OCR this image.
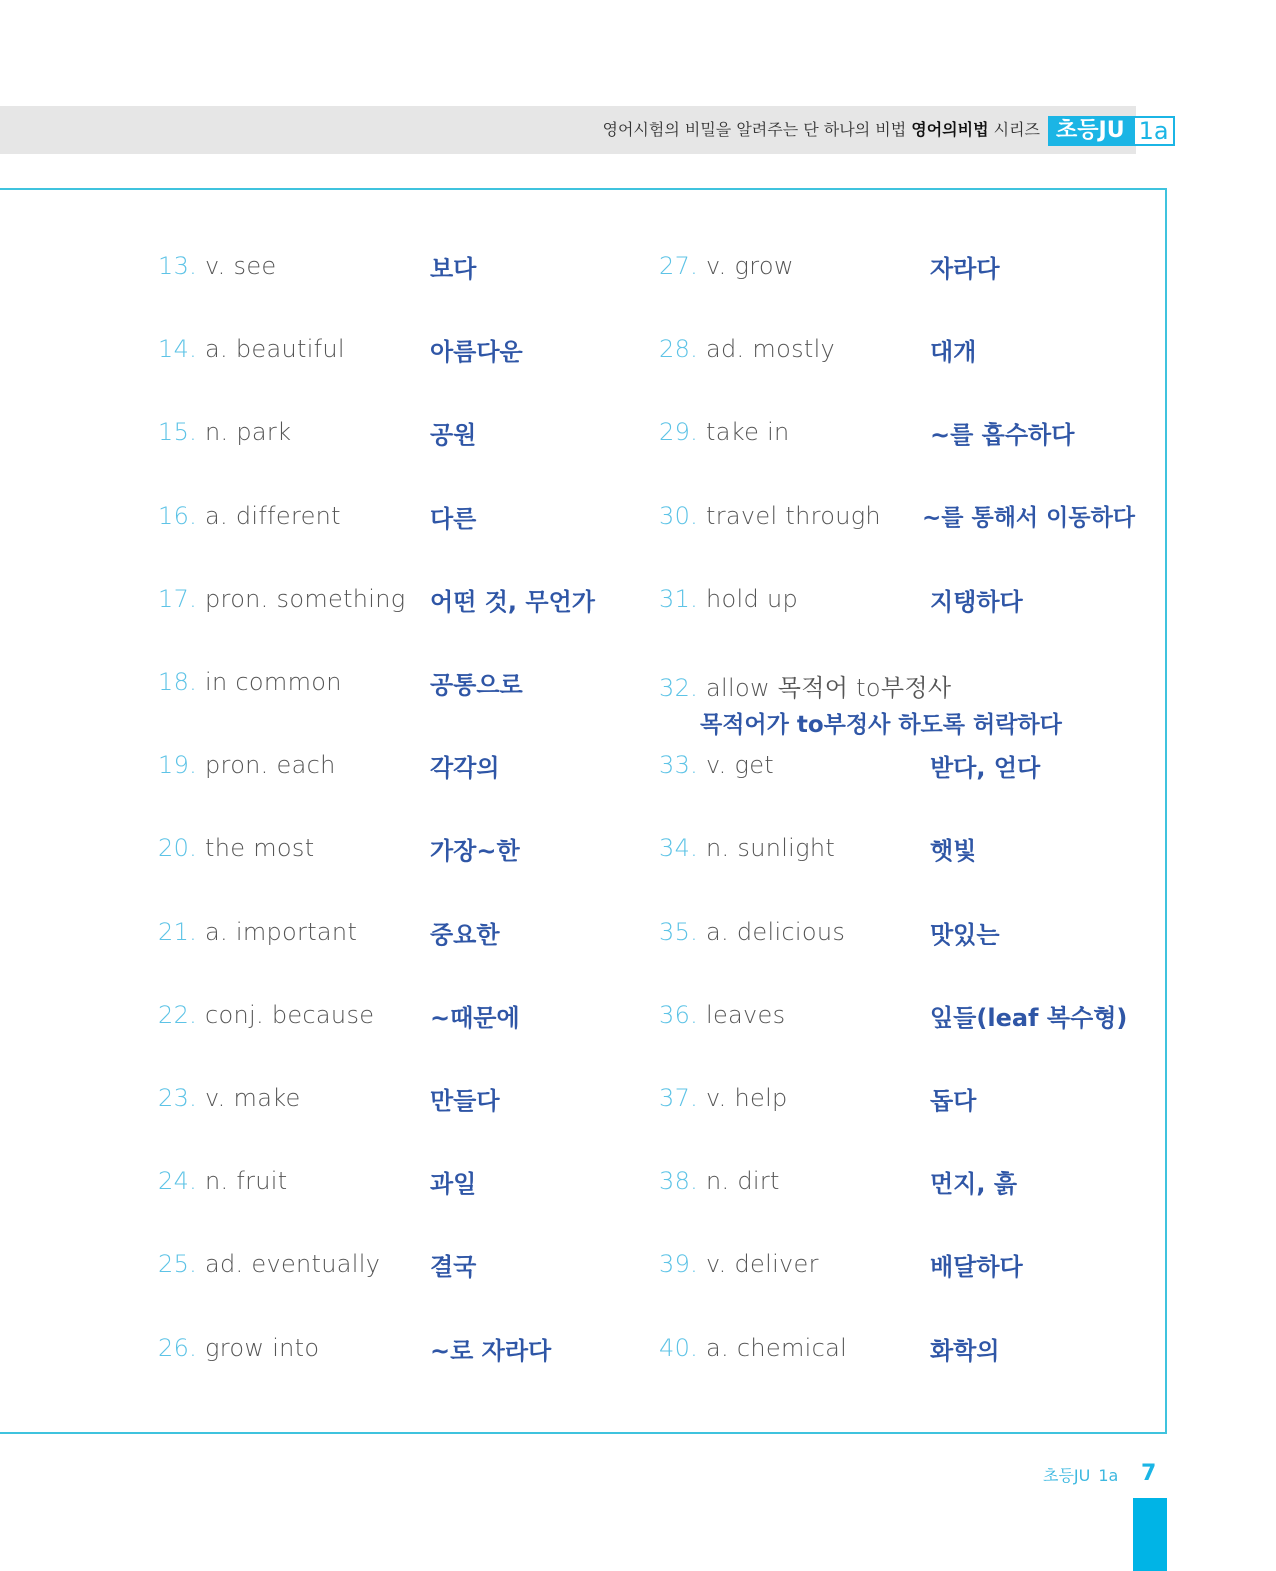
영어시험의 비밀을 알려주는 단 하나의 비법 영어의비법 시리즈 초등JU 1a
13. v. see	보다
14. a. beautiful	아름다운
15. n. park	공원
16. a. different	다른
17. pron. something 어떤 것, 무언가
18. in common	공통으로
19. pron. each	각각의
20. the most	가장~한
21. a. important	중요한
22. conj. because ~때문에
23. v. make	만들다
24. n. fruit	과일
25. ad. eventually 결국
26. grow into	~로 자라다
27. v. grow	자라다
28. ad. mostly	대개
29. take in	~를 흡수하다
30. travel through ~를 통해서 이동하다
31. hold up	지탱하다
32. allow 목적어 to부정사
목적어가 to부정사 하도록 허락하다
33. v. get	받다, 얻다
34. n. sunlight	햇빛
35. a. delicious	맛있는
36. leaves	잎들(leaf 복수형)
37. v. help	돕다
38. n. dirt	먼지, 흙
39. v. deliver	배달하다
40. a. chemical	화학의
초등JU 1a 7
